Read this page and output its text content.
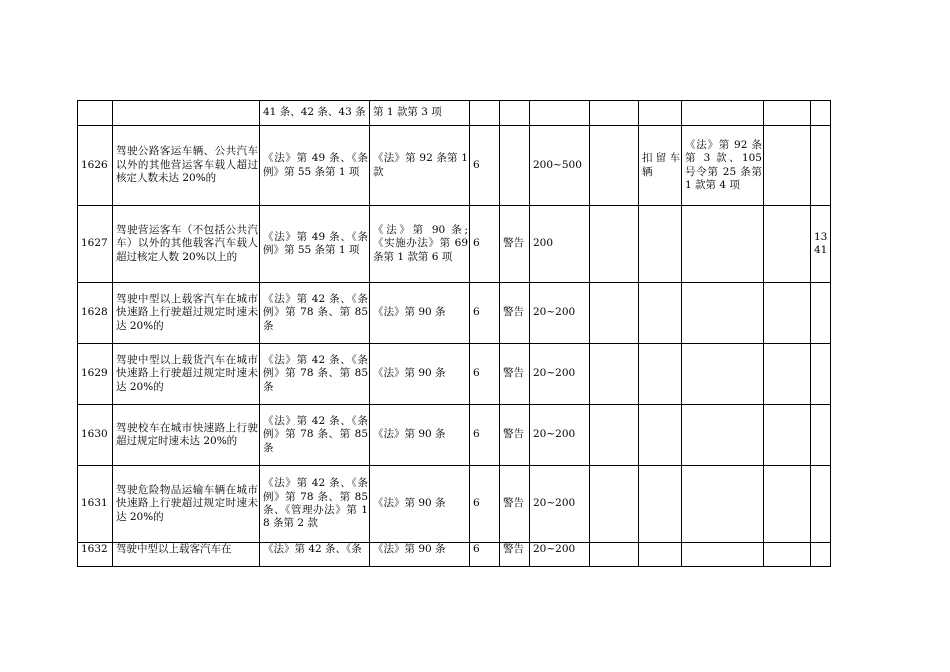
		41 条、42 条、43 条	第 1 款第 3 项								
1626	驾驶公路客运车辆、公共汽车以外的其他营运客车载人超过核定人数未达 20%的	《法》第 49 条、《条例》第 55 条第 1 项	《法》第 92 条第 1 款	6		200~500		扣留车辆	《法》第 92 条第 3 款、105 号令第 25 条第 1 款第 4 项		
1627	驾驶营运客车（不包括公共汽车）以外的其他载客汽车载人超过核定人数 20%以上的	《法》第 49 条、《条例》第 55 条第 1 项	《法》第 90 条;《实施办法》第 69 条第 1 款第 6 项	6	警告	200					1341
1628	驾驶中型以上载客汽车在城市快速路上行驶超过规定时速未达 20%的	《法》第 42 条、《条例》第 78 条、第 85 条	《法》第 90 条	6	警告	20~200					
1629	驾驶中型以上载货汽车在城市快速路上行驶超过规定时速未达 20%的	《法》第 42 条、《条例》第 78 条、第 85 条	《法》第 90 条	6	警告	20~200					
1630	驾驶校车在城市快速路上行驶超过规定时速未达 20%的	《法》第 42 条、《条例》第 78 条、第 85 条	《法》第 90 条	6	警告	20~200					
1631	驾驶危险物品运输车辆在城市快速路上行驶超过规定时速未达 20%的	《法》第 42 条、《条例》第 78 条、第 85 条、《管理办法》第 18 条第 2 款	《法》第 90 条	6	警告	20~200					
1632	驾驶中型以上载客汽车在	《法》第 42 条、《条	《法》第 90 条	6	警告	20~200					
